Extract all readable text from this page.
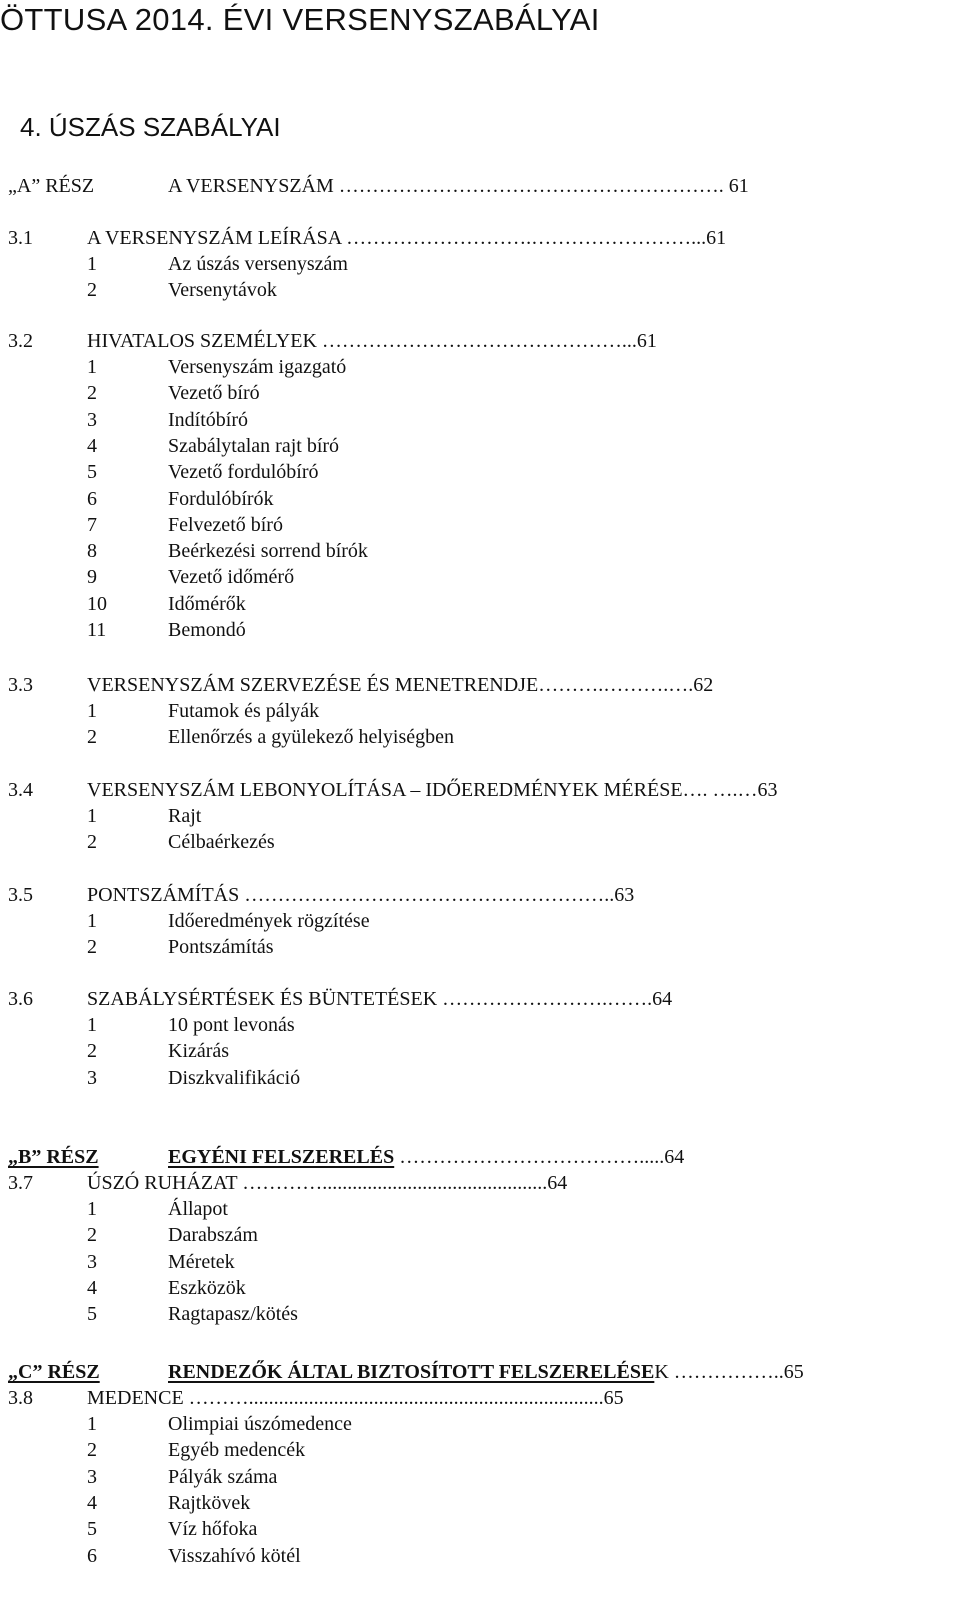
ÖTTUSA 2014. ÉVI VERSENYSZABÁLYAI
4. ÚSZÁS SZABÁLYAI
„A” RÉSZ	A VERSENYSZÁM …………………………………………………. 61
3.1	A VERSENYSZÁM LEÍRÁSA ……………………….……………………...61
1	Az úszás versenyszám
2	Versenytávok
3.2	HIVATALOS SZEMÉLYEK ………………………………………...61
1	Versenyszám igazgató
2	Vezető bíró
3	Indítóbíró
4	Szabálytalan rajt bíró
5	Vezető fordulóbíró
6	Fordulóbírók
7	Felvezető bíró
8	Beérkezési sorrend bírók
9	Vezető időmérő
10	Időmérők
11	Bemondó
3.3	VERSENYSZÁM SZERVEZÉSE ÉS MENETRENDJE……….……….….62
1	Futamok és pályák
2	Ellenőrzés a gyülekező helyiségben
3.4	VERSENYSZÁM LEBONYOLÍTÁSA – IDŐEREDMÉNYEK MÉRÉSE…. ….…63
1	Rajt
2	Célbaérkezés
3.5	PONTSZÁMÍTÁS ………………………………………………..63
1	Időeredmények rögzítése
2	Pontszámítás
3.6	SZABÁLYSÉRTÉSEK ÉS BÜNTETÉSEK …………………….…….64
1	10 pont levonás
2	Kizárás
3	Diszkvalifikáció
„B” RÉSZ	EGYÉNI FELSZERELÉS ……………………………….....64
3.7	ÚSZÓ RUHÁZAT ………….............................................64
1	Állapot
2	Darabszám
3	Méretek
4	Eszközök
5	Ragtapasz/kötés
„C” RÉSZ	RENDEZŐK ÁLTAL BIZTOSÍTOTT FELSZERELÉSEK ……………..65
3.8	MEDENCE ……….......................................................................65
1	Olimpiai úszómedence
2	Egyéb medencék
3	Pályák száma
4	Rajtkövek
5	Víz hőfoka
6	Visszahívó kötél
